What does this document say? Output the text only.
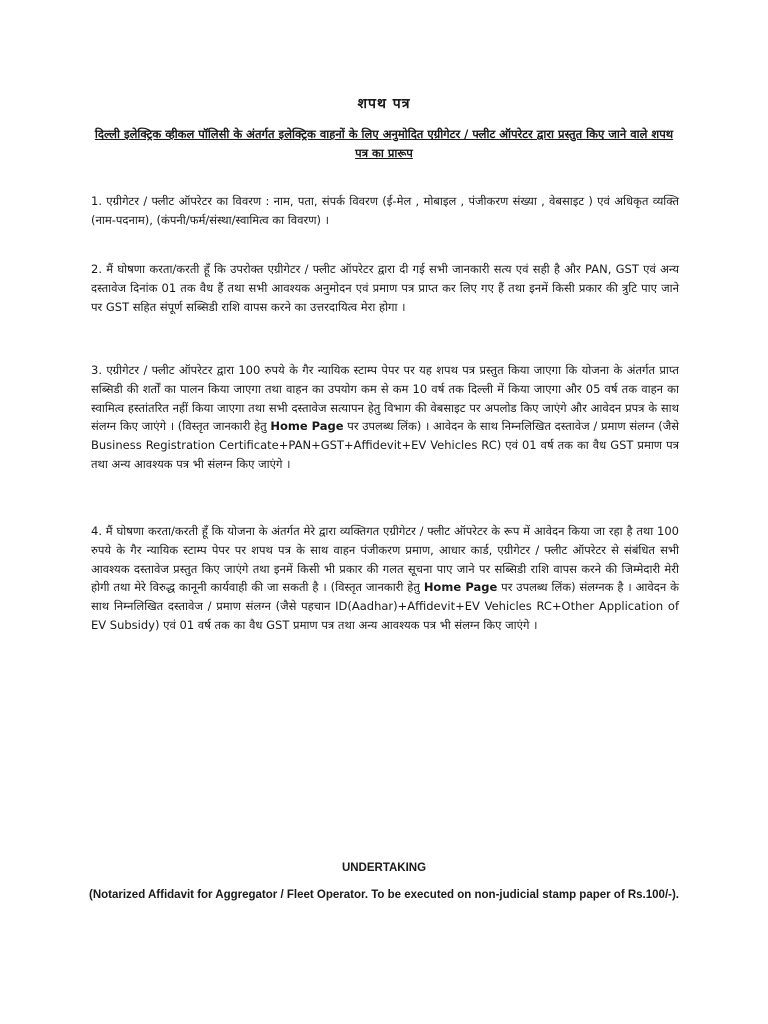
शपथ पत्र
दिल्ली इलेक्ट्रिक व्हीकल पॉलिसी के अंतर्गत इलेक्ट्रिक वाहनों के लिए अनुमोदित एग्रीगेटर / फ्लीट ऑपरेटर द्वारा प्रस्तुत किए जाने वाले शपथ पत्र का प्रारूप
1. एग्रीगेटर / फ्लीट ऑपरेटर का विवरण : नाम, पता, संपर्क विवरण (ई-मेल , मोबाइल , पंजीकरण संख्या , वेबसाइट ) एवं अधिकृत व्यक्ति (नाम-पदनाम), (कंपनी/फर्म/संस्था/स्वामित्व का विवरण) ।
2. मैं घोषणा करता/करती हूँ कि उपरोक्त एग्रीगेटर / फ्लीट ऑपरेटर द्वारा दी गई सभी जानकारी सत्य एवं सही है और PAN, GST एवं अन्य दस्तावेज दिनांक 01 तक वैध हैं तथा सभी आवश्यक अनुमोदन एवं प्रमाण पत्र प्राप्त कर लिए गए हैं तथा इनमें किसी प्रकार की त्रुटि पाए जाने पर GST सहित संपूर्ण सब्सिडी राशि वापस करने का उत्तरदायित्व मेरा होगा ।
3. एग्रीगेटर / फ्लीट ऑपरेटर द्वारा 100 रुपये के गैर न्यायिक स्टाम्प पेपर पर यह शपथ पत्र प्रस्तुत किया जाएगा कि योजना के अंतर्गत प्राप्त सब्सिडी की शर्तों का पालन किया जाएगा तथा वाहन का उपयोग कम से कम 10 वर्ष तक दिल्ली में किया जाएगा और 05 वर्ष तक वाहन का स्वामित्व हस्तांतरित नहीं किया जाएगा तथा सभी दस्तावेज सत्यापन हेतु विभाग की वेबसाइट पर अपलोड किए जाएंगे और आवेदन प्रपत्र के साथ संलग्न किए जाएंगे । (विस्तृत जानकारी हेतु Home Page पर उपलब्ध लिंक) । आवेदन के साथ निम्नलिखित दस्तावेज / प्रमाण संलग्न (जैसे Business Registration Certificate+PAN+GST+Affidevit+EV Vehicles RC) एवं 01 वर्ष तक का वैध GST प्रमाण पत्र तथा अन्य आवश्यक पत्र भी संलग्न किए जाएंगे ।
4. मैं घोषणा करता/करती हूँ कि योजना के अंतर्गत मेरे द्वारा व्यक्तिगत एग्रीगेटर / फ्लीट ऑपरेटर के रूप में आवेदन किया जा रहा है तथा 100 रुपये के गैर न्यायिक स्टाम्प पेपर पर शपथ पत्र के साथ वाहन पंजीकरण प्रमाण, आधार कार्ड, एग्रीगेटर / फ्लीट ऑपरेटर से संबंधित सभी आवश्यक दस्तावेज प्रस्तुत किए जाएंगे तथा इनमें किसी भी प्रकार की गलत सूचना पाए जाने पर सब्सिडी राशि वापस करने की जिम्मेदारी मेरी होगी तथा मेरे विरुद्ध कानूनी कार्यवाही की जा सकती है । (विस्तृत जानकारी हेतु Home Page पर उपलब्ध लिंक) संलग्नक है । आवेदन के साथ निम्नलिखित दस्तावेज / प्रमाण संलग्न (जैसे पहचान ID(Aadhar)+Affidevit+EV Vehicles RC+Other Application of EV Subsidy) एवं 01 वर्ष तक का वैध GST प्रमाण पत्र तथा अन्य आवश्यक पत्र भी संलग्न किए जाएंगे ।
UNDERTAKING
(Notarized Affidavit for Aggregator / Fleet Operator. To be executed on non-judicial stamp paper of Rs.100/-).
